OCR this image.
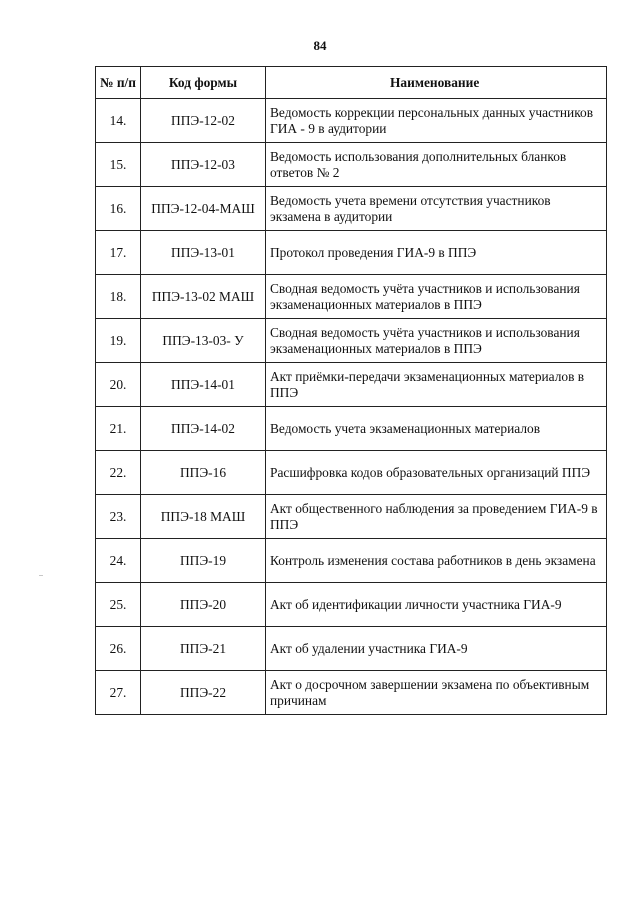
84
№ п/п	Код формы	Наименование
14.	ППЭ-12-02	Ведомость коррекции персональных данных участников ГИА - 9 в аудитории
15.	ППЭ-12-03	Ведомость использования дополнительных бланков ответов № 2
16.	ППЭ-12-04-МАШ	Ведомость учета времени отсутствия участников экзамена в аудитории
17.	ППЭ-13-01	Протокол проведения ГИА-9 в ППЭ
18.	ППЭ-13-02 МАШ	Сводная ведомость учёта участников и использования экзаменационных материалов в ППЭ
19.	ППЭ-13-03- У	Сводная ведомость учёта участников и использования экзаменационных материалов в ППЭ
20.	ППЭ-14-01	Акт приёмки-передачи экзаменационных материалов в ППЭ
21.	ППЭ-14-02	Ведомость учета экзаменационных материалов
22.	ППЭ-16	Расшифровка кодов образовательных организаций ППЭ
23.	ППЭ-18 МАШ	Акт общественного наблюдения за проведением ГИА-9 в ППЭ
24.	ППЭ-19	Контроль изменения состава работников в день экзамена
25.	ППЭ-20	Акт об идентификации личности участника ГИА-9
26.	ППЭ-21	Акт об удалении участника ГИА-9
27.	ППЭ-22	Акт о досрочном завершении экзамена по объективным причинам
